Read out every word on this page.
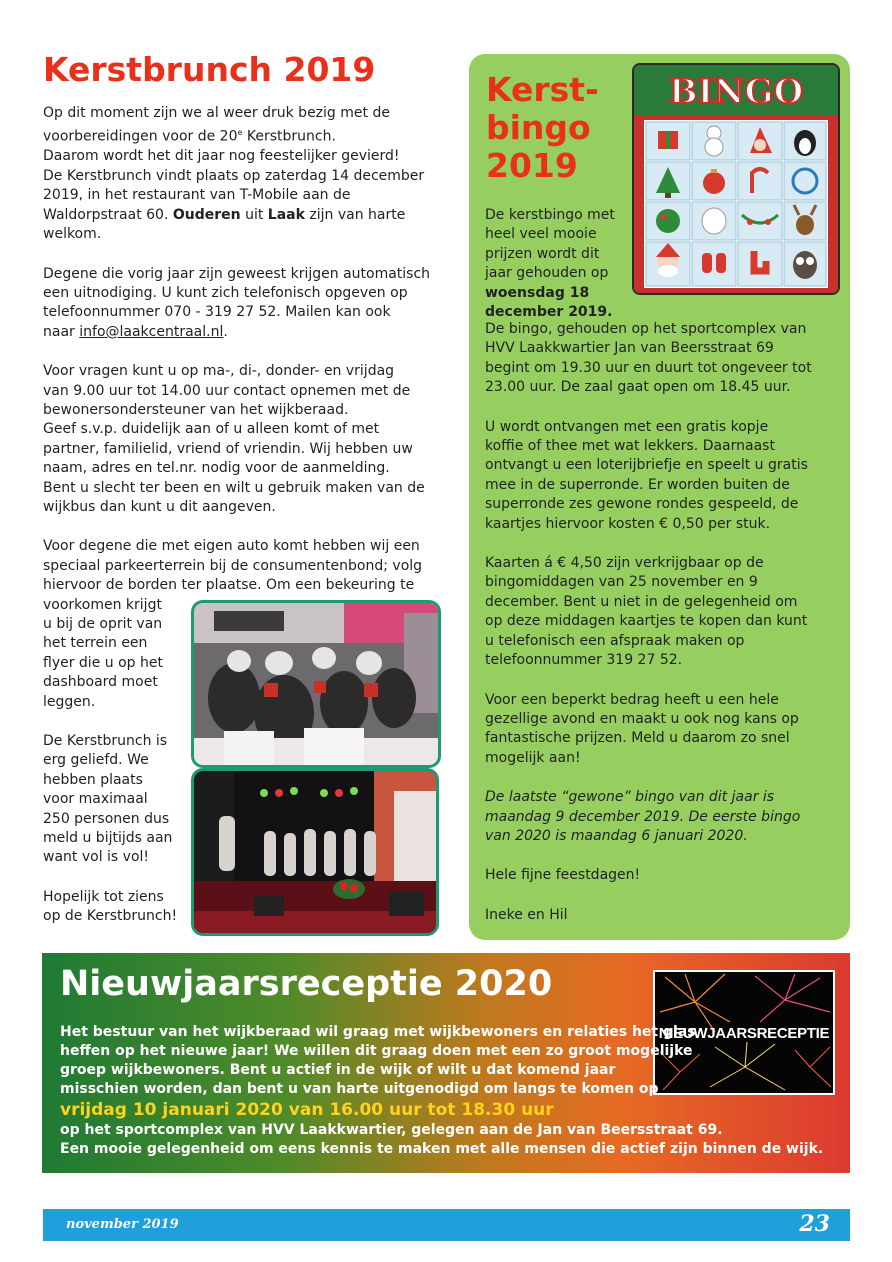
Kerstbrunch 2019
Op dit moment zijn we al weer druk bezig met de
voorbereidingen voor de 20e Kerstbrunch.
Daarom wordt het dit jaar nog feestelijker gevierd!
De Kerstbrunch vindt plaats op zaterdag 14 december
2019, in het restaurant van T-Mobile aan de
Waldorpstraat 60. Ouderen uit Laak zijn van harte
welkom.
Degene die vorig jaar zijn geweest krijgen automatisch
een uitnodiging. U kunt zich telefonisch opgeven op
telefoonnummer 070 - 319 27 52. Mailen kan ook
naar info@laakcentraal.nl.
Voor vragen kunt u op ma-, di-, donder- en vrijdag
van 9.00 uur tot 14.00 uur contact opnemen met de
bewonersondersteuner van het wijkberaad.
Geef s.v.p. duidelijk aan of u alleen komt of met
partner, familielid, vriend of vriendin. Wij hebben uw
naam, adres en tel.nr. nodig voor de aanmelding.
Bent u slecht ter been en wilt u gebruik maken van de
wijkbus dan kunt u dit aangeven.
Voor degene die met eigen auto komt hebben wij een
speciaal parkeerterrein bij de consumentenbond; volg
hiervoor de borden ter plaatse. Om een bekeuring te
voorkomen krijgt
u bij de oprit van
het terrein een
flyer die u op het
dashboard moet
leggen.
De Kerstbrunch is
erg geliefd. We
hebben plaats
voor maximaal
250 personen dus
meld u bijtijds aan
want vol is vol!
Hopelijk tot ziens
op de Kerstbrunch!
Kerst-
bingo
2019
BINGO
De kerstbingo met
heel veel mooie
prijzen wordt dit
jaar gehouden op
woensdag 18
december 2019.
De bingo, gehouden op het sportcomplex van
HVV Laakkwartier Jan van Beersstraat 69
begint om 19.30 uur en duurt tot ongeveer tot
23.00 uur. De zaal gaat open om 18.45 uur.
U wordt ontvangen met een gratis kopje
koffie of thee met wat lekkers. Daarnaast
ontvangt u een loterijbriefje en speelt u gratis
mee in de superronde. Er worden buiten de
superronde zes gewone rondes gespeeld, de
kaartjes hiervoor kosten € 0,50 per stuk.
Kaarten á € 4,50 zijn verkrijgbaar op de
bingomiddagen van 25 november en 9
december. Bent u niet in de gelegenheid om
op deze middagen kaartjes te kopen dan kunt
u telefonisch een afspraak maken op
telefoonnummer 319 27 52.
Voor een beperkt bedrag heeft u een hele
gezellige avond en maakt u ook nog kans op
fantastische prijzen. Meld u daarom zo snel
mogelijk aan!
De laatste “gewone” bingo van dit jaar is
maandag 9 december 2019. De eerste bingo
van 2020 is maandag 6 januari 2020.
Hele fijne feestdagen!
Ineke en Hil
Nieuwjaarsreceptie 2020
NIEUWJAARSRECEPTIE
Het bestuur van het wijkberaad wil graag met wijkbewoners en relaties het glas
heffen op het nieuwe jaar! We willen dit graag doen met een zo groot mogelijke
groep wijkbewoners. Bent u actief in de wijk of wilt u dat komend jaar
misschien worden, dan bent u van harte uitgenodigd om langs te komen op
vrijdag 10 januari 2020 van 16.00 uur tot 18.30 uur
op het sportcomplex van HVV Laakkwartier, gelegen aan de Jan van Beersstraat 69.
Een mooie gelegenheid om eens kennis te maken met alle mensen die actief zijn binnen de wijk.
november 2019	23
